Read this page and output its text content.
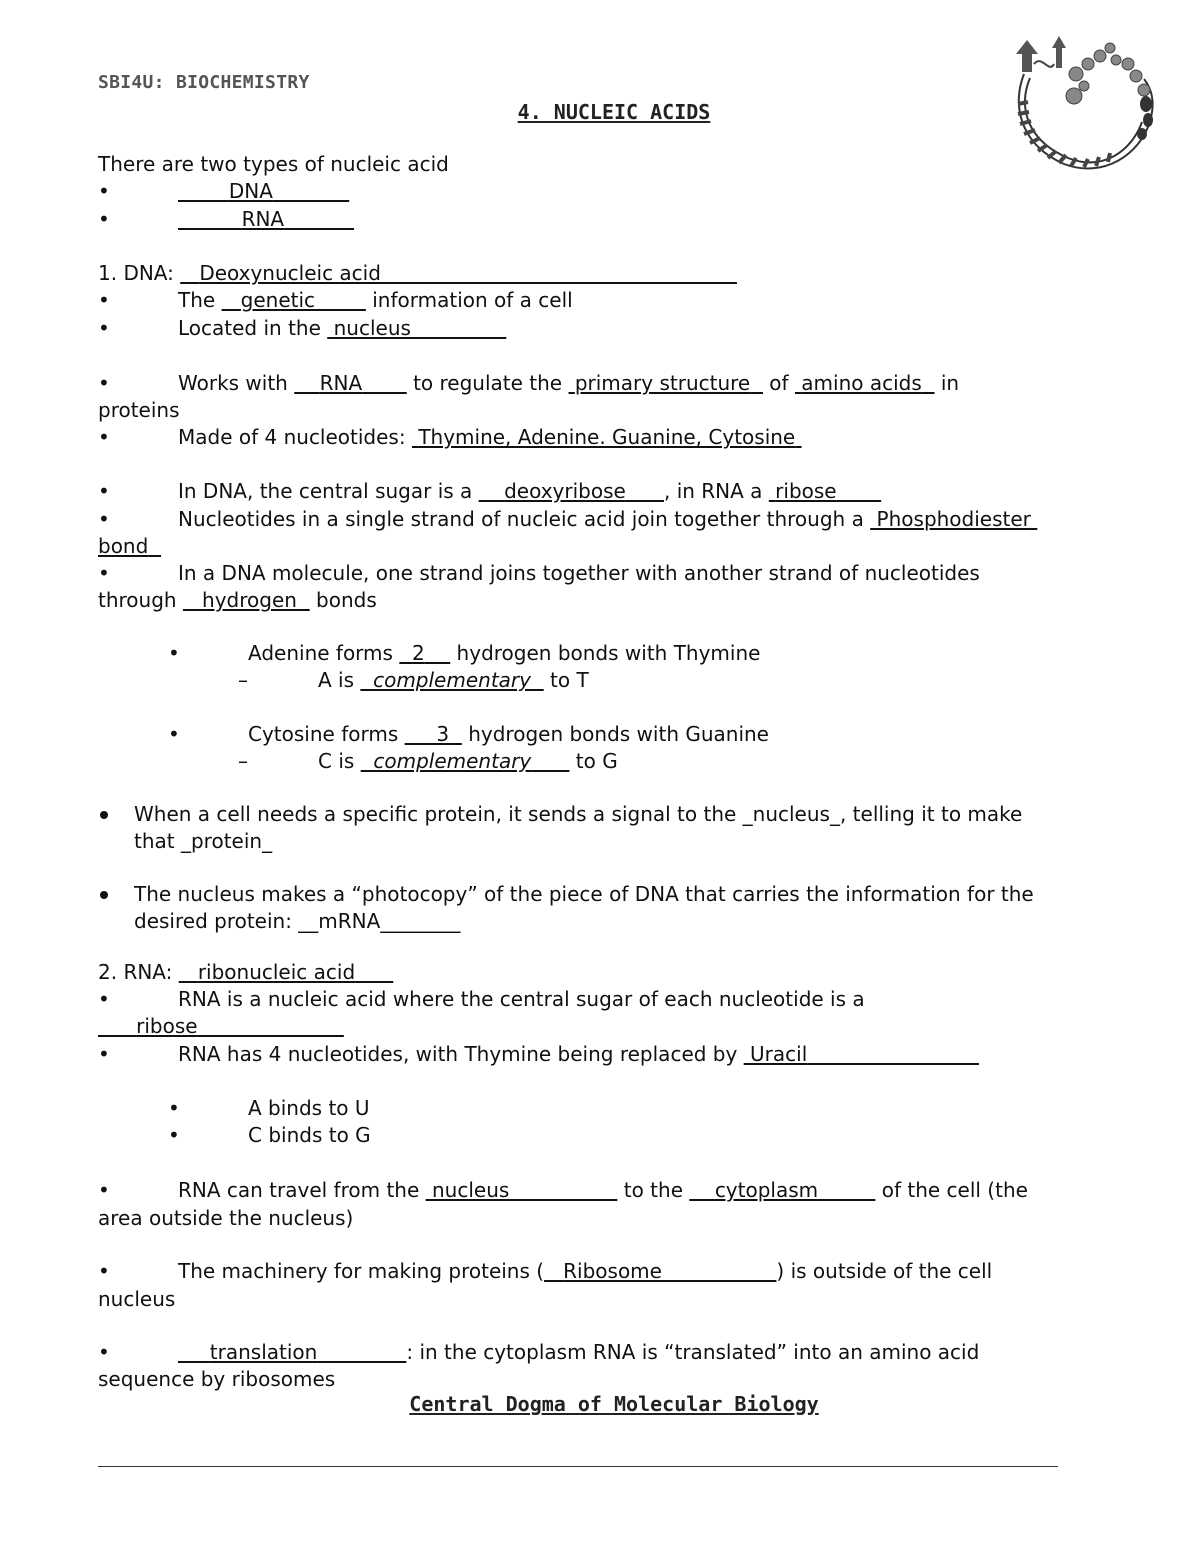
SBI4U: BIOCHEMISTRY
4. NUCLEIC ACIDS
There are two types of nucleic acid
•	DNA
•	RNA
1. DNA:    Deoxynucleic acid
•	The    genetic	information of a cell
•	Located in the  nucleus
•	Works with     RNA        to regulate the  primary structure   of  amino acids   in
proteins
•	Made of 4 nucleotides:  Thymine, Adenine. Guanine, Cytosine
•	In DNA, the central sugar is a     deoxyribose , in RNA a  ribose
•	Nucleotides in a single strand of nucleic acid join together through a  Phosphodiester
bond
•	In a DNA molecule, one strand joins together with another strand of nucleotides
through    hydrogen   bonds
•	Adenine forms   2     hydrogen bonds with Thymine
–	A is   complementary   to T
•	Cytosine forms      3   hydrogen bonds with Guanine
–	C is   complementary       to G
When a cell needs a specific protein, it sends a signal to the _nucleus_, telling it to make
that _protein_
The nucleus makes a “photocopy” of the piece of DNA that carries the information for the
desired protein: __mRNA________
2. RNA:    ribonucleic acid
•	RNA is a nucleic acid where the central sugar of each nucleotide is a
ribose
•	RNA has 4 nucleotides, with Thymine being replaced by  Uracil
•	A binds to U
•	C binds to G
•	RNA can travel from the  nucleus	to the     cytoplasm	of the cell (the
area outside the nucleus)
•	The machinery for making proteins ( Ribosome	) is outside of the cell
nucleus
•	translation	: in the cytoplasm RNA is “translated” into an amino acid
sequence by ribosomes
Central Dogma of Molecular Biology
